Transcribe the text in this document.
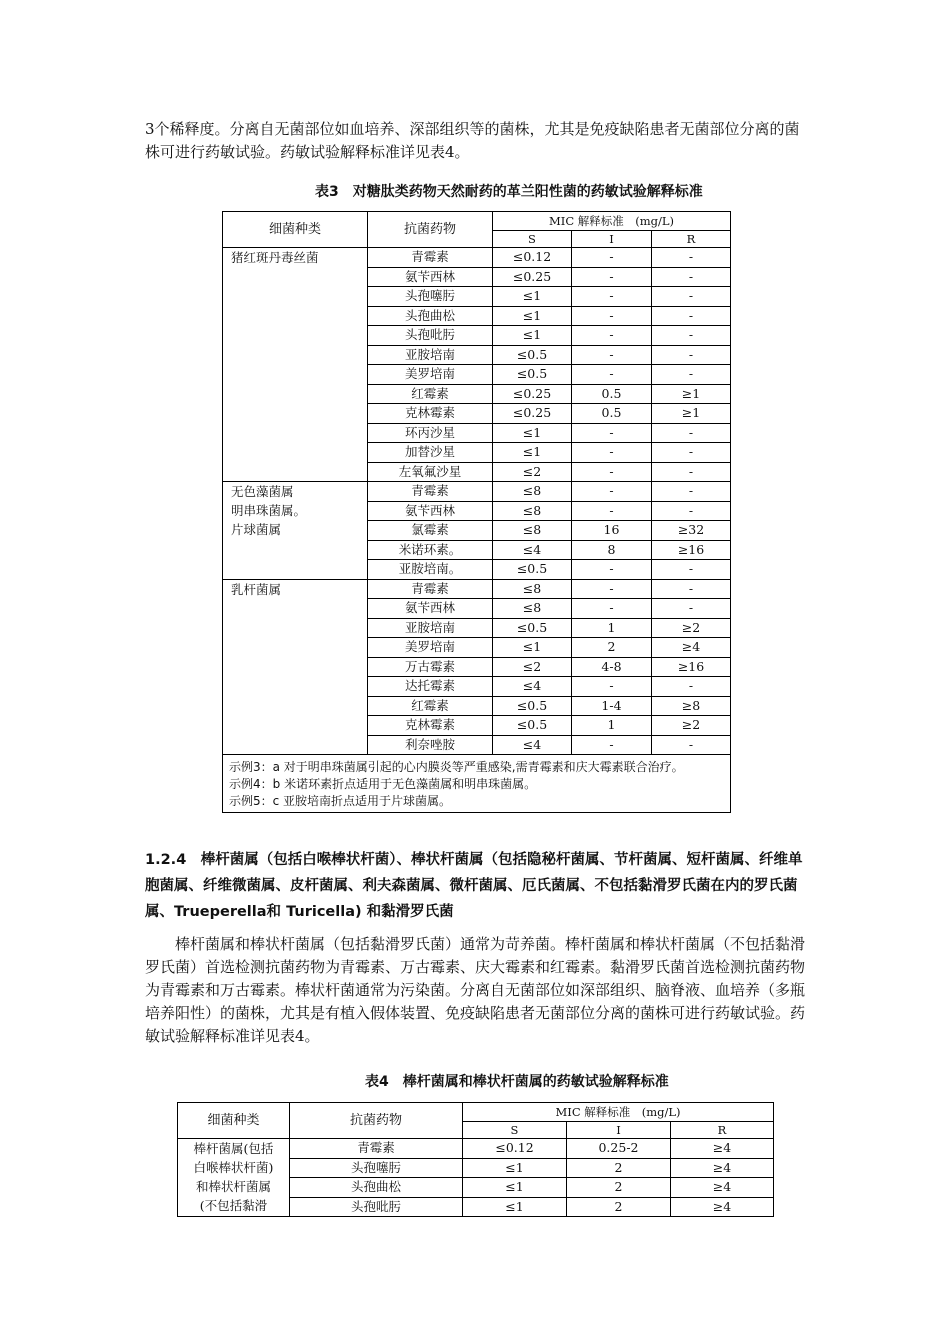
3个稀释度。分离自无菌部位如血培养、深部组织等的菌株，尤其是免疫缺陷患者无菌部位分离的菌株可进行药敏试验。药敏试验解释标准详见表4。

表3　对糖肽类药物天然耐药的革兰阳性菌的药敏试验解释标准

细菌种类	抗菌药物	MIC 解释标准　(mg/L)		
		S	I	R

猪红斑丹毒丝菌	青霉素	≤0.12	-	-
	氨苄西林	≤0.25	-	-
	头孢噻肟	≤1	-	-
	头孢曲松	≤1	-	-
	头孢吡肟	≤1	-	-
	亚胺培南	≤0.5	-	-
	美罗培南	≤0.5	-	-
	红霉素	≤0.25	0.5	≥1
	克林霉素	≤0.25	0.5	≥1
	环丙沙星	≤1	-	-
	加替沙星	≤1	-	-
	左氧氟沙星	≤2	-	-

无色藻菌属
明串珠菌属。
片球菌属	青霉素	≤8	-	-
	氨苄西林	≤8	-	-
	氯霉素	≤8	16	≥32
	米诺环素。	≤4	8	≥16
	亚胺培南。	≤0.5	-	-

乳杆菌属	青霉素	≤8	-	-
	氨苄西林	≤8	-	-
	亚胺培南	≤0.5	1	≥2
	美罗培南	≤1	2	≥4
	万古霉素	≤2	4-8	≥16
	达托霉素	≤4	-	-
	红霉素	≤0.5	1-4	≥8
	克林霉素	≤0.5	1	≥2
	利奈唑胺	≤4	-	-

示例3：a 对于明串珠菌属引起的心内膜炎等严重感染,需青霉素和庆大霉素联合治疗。
示例4：b 米诺环素折点适用于无色藻菌属和明串珠菌属。
示例5：c 亚胺培南折点适用于片球菌属。				

1.2.4　棒杆菌属（包括白喉棒状杆菌）、棒状杆菌属（包括隐秘杆菌属、节杆菌属、短杆菌属、纤维单胞菌属、纤维微菌属、皮杆菌属、利夫森菌属、微杆菌属、厄氏菌属、不包括黏滑罗氏菌在内的罗氏菌属、Trueperella和 Turicella) 和黏滑罗氏菌

棒杆菌属和棒状杆菌属（包括黏滑罗氏菌）通常为苛养菌。棒杆菌属和棒状杆菌属（不包括黏滑罗氏菌）首选检测抗菌药物为青霉素、万古霉素、庆大霉素和红霉素。黏滑罗氏菌首选检测抗菌药物为青霉素和万古霉素。棒状杆菌通常为污染菌。分离自无菌部位如深部组织、脑脊液、血培养（多瓶培养阳性）的菌株，尤其是有植入假体装置、免疫缺陷患者无菌部位分离的菌株可进行药敏试验。药敏试验解释标准详见表4。

表4　棒杆菌属和棒状杆菌属的药敏试验解释标准

细菌种类	抗菌药物	MIC 解释标准　(mg/L)		
		S	I	R

棒杆菌属(包括
白喉棒状杆菌)
和棒状杆菌属
(不包括黏滑	青霉素	≤0.12	0.25-2	≥4
	头孢噻肟	≤1	2	≥4
	头孢曲松	≤1	2	≥4
	头孢吡肟	≤1	2	≥4
